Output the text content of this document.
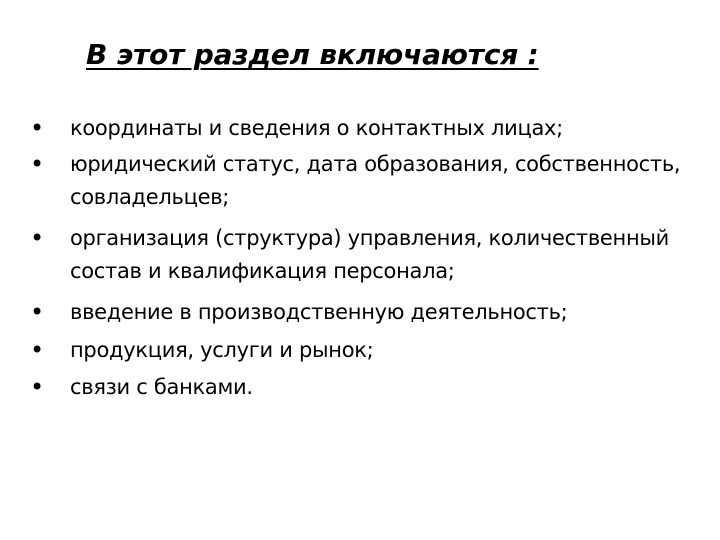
В этот раздел включаются :
• координаты и сведения о контактных лицах;
• юридический статус, дата образования, собственность, совладельцев;
• организация (структура) управления, количественный состав и квалификация персонала;
• введение в производственную деятельность;
• продукция, услуги и рынок;
• связи с банками.
